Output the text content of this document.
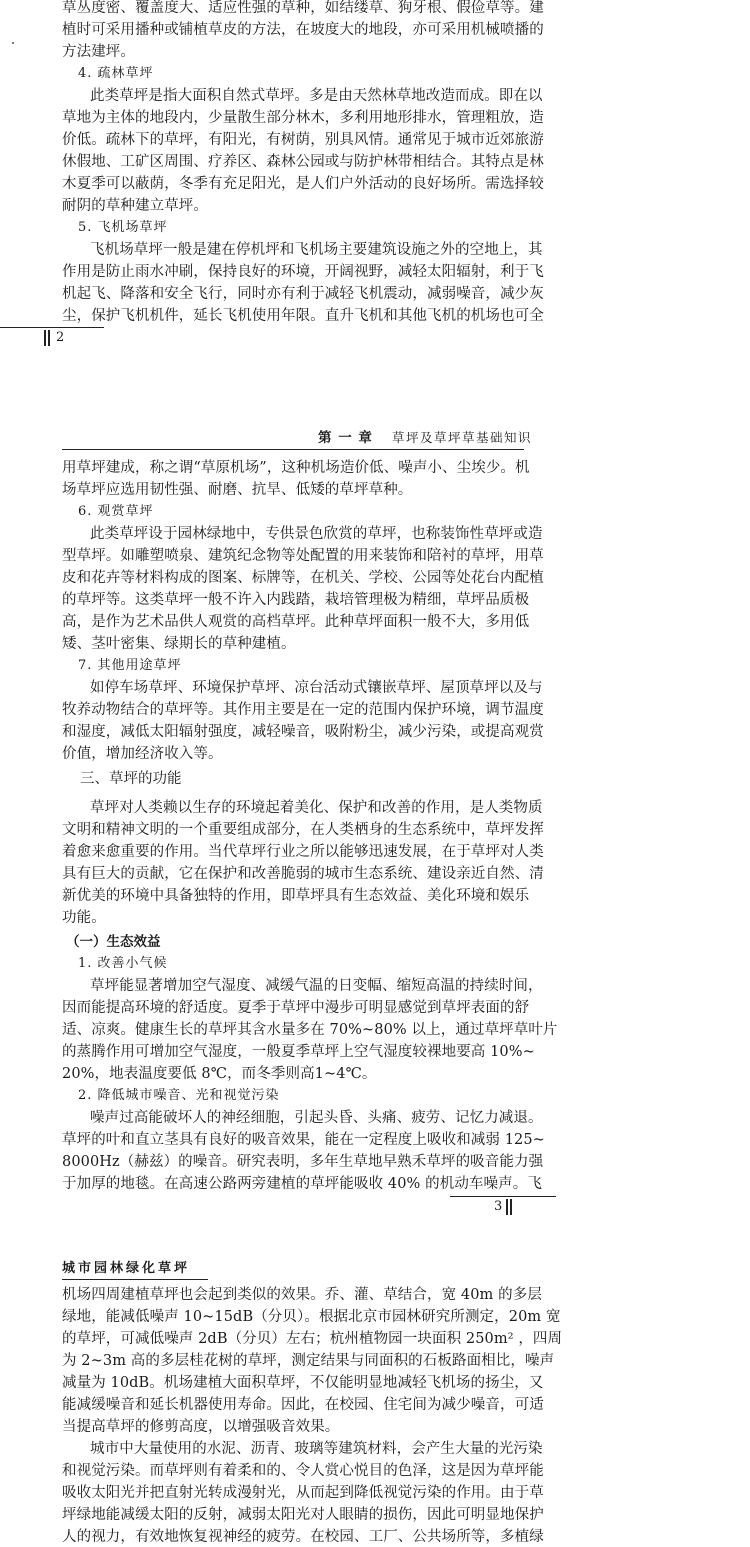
草丛度密、覆盖度大、适应性强的草种，如结缕草、狗牙根、假俭草等。建
植时可采用播种或铺植草皮的方法，在坡度大的地段，亦可采用机械喷播的
方法建坪。
4. 疏林草坪
此类草坪是指大面积自然式草坪。多是由天然林草地改造而成。即在以
草地为主体的地段内，少量散生部分林木，多利用地形排水，管理粗放，造
价低。疏林下的草坪，有阳光，有树荫，别具风情。通常见于城市近郊旅游
休假地、工矿区周围、疗养区、森林公园或与防护林带相结合。其特点是林
木夏季可以蔽荫，冬季有充足阳光，是人们户外活动的良好场所。需选择较
耐阴的草种建立草坪。
5. 飞机场草坪
飞机场草坪一般是建在停机坪和飞机场主要建筑设施之外的空地上，其
作用是防止雨水冲刷，保持良好的环境，开阔视野，减轻太阳辐射，利于飞
机起飞、降落和安全飞行，同时亦有利于减轻飞机震动，减弱噪音，减少灰
尘，保护飞机机件，延长飞机使用年限。直升飞机和其他飞机的机场也可全
2
第 一 章 草坪及草坪草基础知识
用草坪建成，称之谓“草原机场”，这种机场造价低、噪声小、尘埃少。机
场草坪应选用韧性强、耐磨、抗旱、低矮的草坪草种。
6. 观赏草坪
此类草坪设于园林绿地中，专供景色欣赏的草坪，也称装饰性草坪或造
型草坪。如雕塑喷泉、建筑纪念物等处配置的用来装饰和陪衬的草坪，用草
皮和花卉等材料构成的图案、标牌等，在机关、学校、公园等处花台内配植
的草坪等。这类草坪一般不许入内践踏，栽培管理极为精细，草坪品质极
高，是作为艺术品供人观赏的高档草坪。此种草坪面积一般不大，多用低
矮、茎叶密集、绿期长的草种建植。
7. 其他用途草坪
如停车场草坪、环境保护草坪、凉台活动式镶嵌草坪、屋顶草坪以及与
牧养动物结合的草坪等。其作用主要是在一定的范围内保护环境，调节温度
和湿度，减低太阳辐射强度，减轻噪音，吸附粉尘，减少污染，或提高观赏
价值，增加经济收入等。
三、草坪的功能
草坪对人类赖以生存的环境起着美化、保护和改善的作用，是人类物质
文明和精神文明的一个重要组成部分，在人类栖身的生态系统中，草坪发挥
着愈来愈重要的作用。当代草坪行业之所以能够迅速发展，在于草坪对人类
具有巨大的贡献，它在保护和改善脆弱的城市生态系统、建设亲近自然、清
新优美的环境中具备独特的作用，即草坪具有生态效益、美化环境和娱乐
功能。
（一）生态效益
1. 改善小气候
草坪能显著增加空气湿度、减缓气温的日变幅、缩短高温的持续时间，
因而能提高环境的舒适度。夏季于草坪中漫步可明显感觉到草坪表面的舒
适、凉爽。健康生长的草坪其含水量多在 70%~80% 以上，通过草坪草叶片
的蒸腾作用可增加空气湿度，一般夏季草坪上空气湿度较裸地要高 10%~
20%，地表温度要低 8℃，而冬季则高1~4℃。
2. 降低城市噪音、光和视觉污染
噪声过高能破坏人的神经细胞，引起头昏、头痛、疲劳、记忆力减退。
草坪的叶和直立茎具有良好的吸音效果，能在一定程度上吸收和减弱 125~
8000Hz（赫兹）的噪音。研究表明，多年生草地早熟禾草坪的吸音能力强
于加厚的地毯。在高速公路两旁建植的草坪能吸收 40% 的机动车噪声。飞
3
城市园林绿化草坪
机场四周建植草坪也会起到类似的效果。乔、灌、草结合，宽 40m 的多层
绿地，能减低噪声 10~15dB（分贝）。根据北京市园林研究所测定，20m 宽
的草坪，可减低噪声 2dB（分贝）左右；杭州植物园一块面积 250m² ，四周
为 2~3m 高的多层桂花树的草坪，测定结果与同面积的石板路面相比，噪声
减量为 10dB。机场建植大面积草坪，不仅能明显地减轻飞机场的扬尘，又
能减缓噪音和延长机器使用寿命。因此，在校园、住宅间为减少噪音，可适
当提高草坪的修剪高度，以增强吸音效果。
城市中大量使用的水泥、沥青、玻璃等建筑材料，会产生大量的光污染
和视觉污染。而草坪则有着柔和的、令人赏心悦目的色泽，这是因为草坪能
吸收太阳光并把直射光转成漫射光，从而起到降低视觉污染的作用。由于草
坪绿地能减缓太阳的反射，减弱太阳光对人眼睛的损伤，因此可明显地保护
人的视力，有效地恢复视神经的疲劳。在校园、工厂、公共场所等，多植绿
